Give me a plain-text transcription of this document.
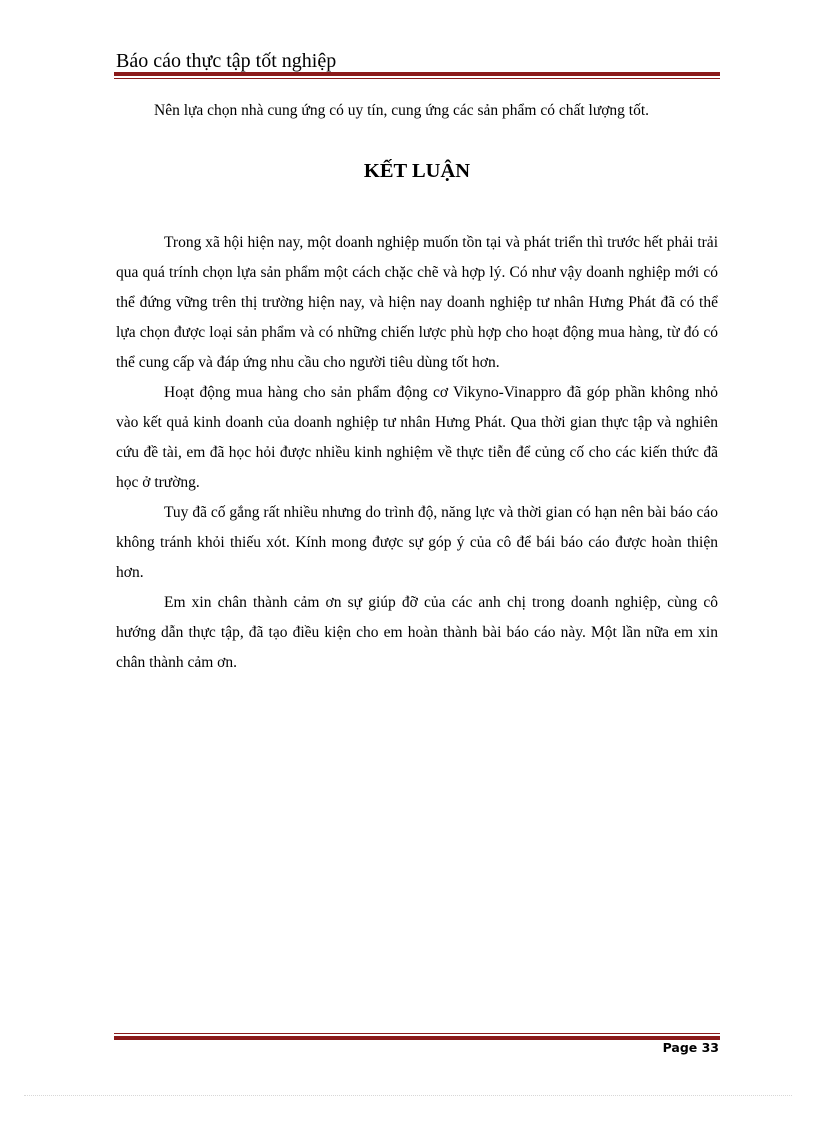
Báo cáo thực tập tốt nghiệp
Nên lựa chọn nhà cung ứng có uy tín, cung ứng các sản phẩm có chất lượng tốt.
KẾT LUẬN

Trong xã hội hiện nay, một doanh nghiệp muốn tồn tại và phát triển thì trước hết phải trải qua quá trính chọn lựa sản phẩm một cách chặc chẽ và hợp lý. Có như vậy doanh nghiệp mới có thể đứng vững trên thị trường hiện nay, và hiện nay doanh nghiệp tư nhân Hưng Phát đã có thể lựa chọn được loại sản phẩm và có những chiến lược phù hợp cho hoạt động mua hàng, từ đó có thể cung cấp và đáp ứng nhu cầu cho người tiêu dùng tốt hơn.

Hoạt động mua hàng cho sản phẩm động cơ Vikyno-Vinappro đã góp phần không nhỏ vào kết quả kinh doanh của doanh nghiệp tư nhân Hưng Phát. Qua thời gian thực tập và nghiên cứu đề tài, em đã học hỏi được nhiều kinh nghiệm về thực tiễn để củng cố cho các kiến thức đã học ở trường.

Tuy đã cố gắng rất nhiều nhưng do trình độ, năng lực và thời gian có hạn nên bài báo cáo không tránh khỏi thiếu xót. Kính mong được sự góp ý của cô để bái báo cáo được hoàn thiện hơn.

Em xin chân thành cảm ơn sự giúp đỡ của các anh chị trong doanh nghiệp, cùng cô hướng dẫn thực tập, đã tạo điều kiện cho em hoàn thành bài báo cáo này. Một lần nữa em xin chân thành cảm ơn.

Page 33
